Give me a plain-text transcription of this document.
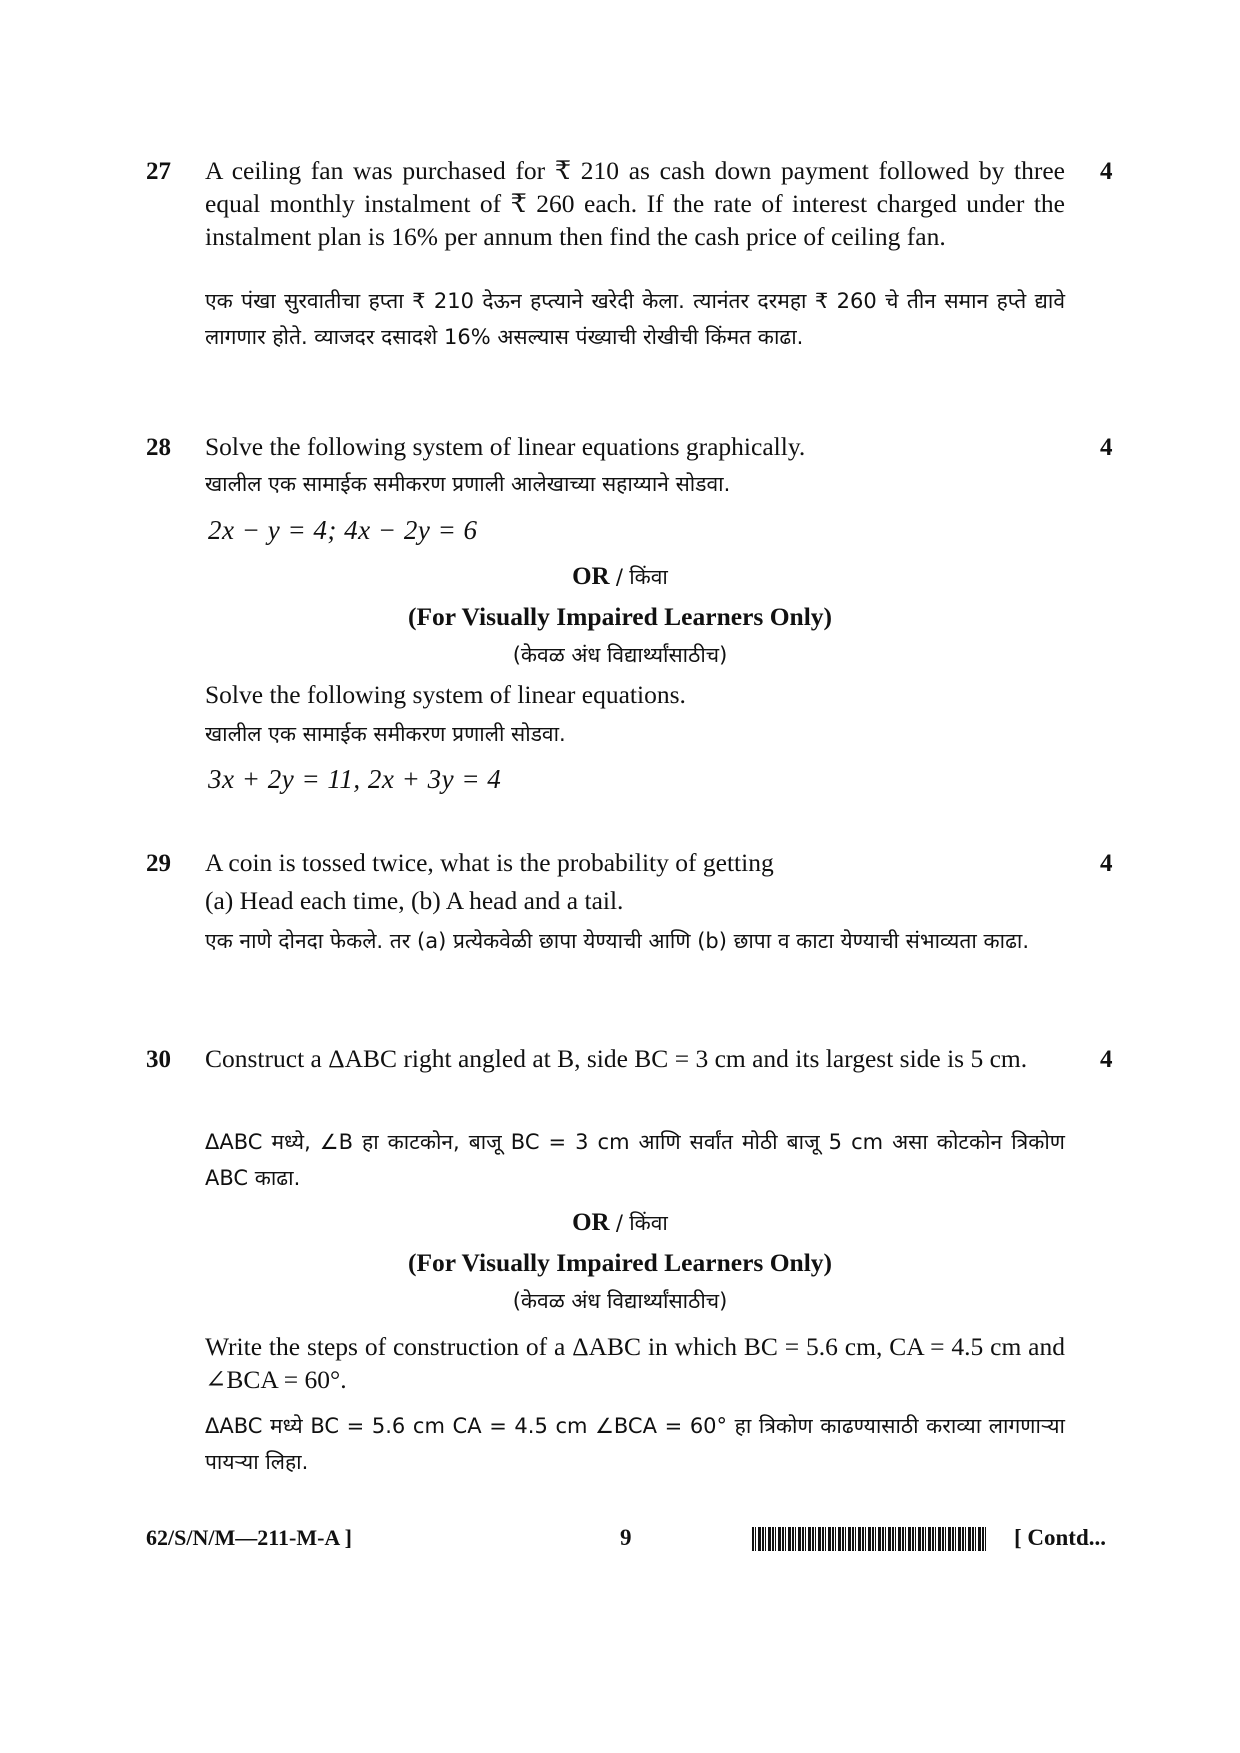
27	4
A ceiling fan was purchased for ₹ 210 as cash down payment followed by three equal monthly instalment of ₹ 260 each. If the rate of interest charged under the instalment plan is 16% per annum then find the cash price of ceiling fan.
एक पंखा सुरवातीचा हप्ता ₹ 210 देऊन हप्त्याने खरेदी केला. त्यानंतर दरमहा ₹ 260 चे तीन समान हप्ते द्यावे लागणार होते. व्याजदर दसादशे 16% असल्यास पंख्याची रोखीची किंमत काढा.
28	4
Solve the following system of linear equations graphically.
खालील एक सामाईक समीकरण प्रणाली आलेखाच्या सहाय्याने सोडवा.
2x − y = 4; 4x − 2y = 6
OR / किंवा
(For Visually Impaired Learners Only)
(केवळ अंध विद्यार्थ्यांसाठीच)
Solve the following system of linear equations.
खालील एक सामाईक समीकरण प्रणाली सोडवा.
3x + 2y = 11, 2x + 3y = 4
29	4
A coin is tossed twice, what is the probability of getting
(a) Head each time, (b) A head and a tail.
एक नाणे दोनदा फेकले. तर (a) प्रत्येकवेळी छापा येण्याची आणि (b) छापा व काटा येण्याची संभाव्यता काढा.
30	4
Construct a ΔABC right angled at B, side BC = 3 cm and its largest side is 5 cm.
ΔABC मध्ये, ∠B हा काटकोन, बाजू BC = 3 cm आणि सर्वांत मोठी बाजू 5 cm असा कोटकोन त्रिकोण ABC काढा.
OR / किंवा
(For Visually Impaired Learners Only)
(केवळ अंध विद्यार्थ्यांसाठीच)
Write the steps of construction of a ΔABC in which BC = 5.6 cm, CA = 4.5 cm and ∠BCA = 60°.
ΔABC मध्ये BC = 5.6 cm CA = 4.5 cm ∠BCA = 60° हा त्रिकोण काढण्यासाठी कराव्या लागणाऱ्या पायऱ्या लिहा.
62/S/N/M—211-M-A ]	9	[ Contd...
